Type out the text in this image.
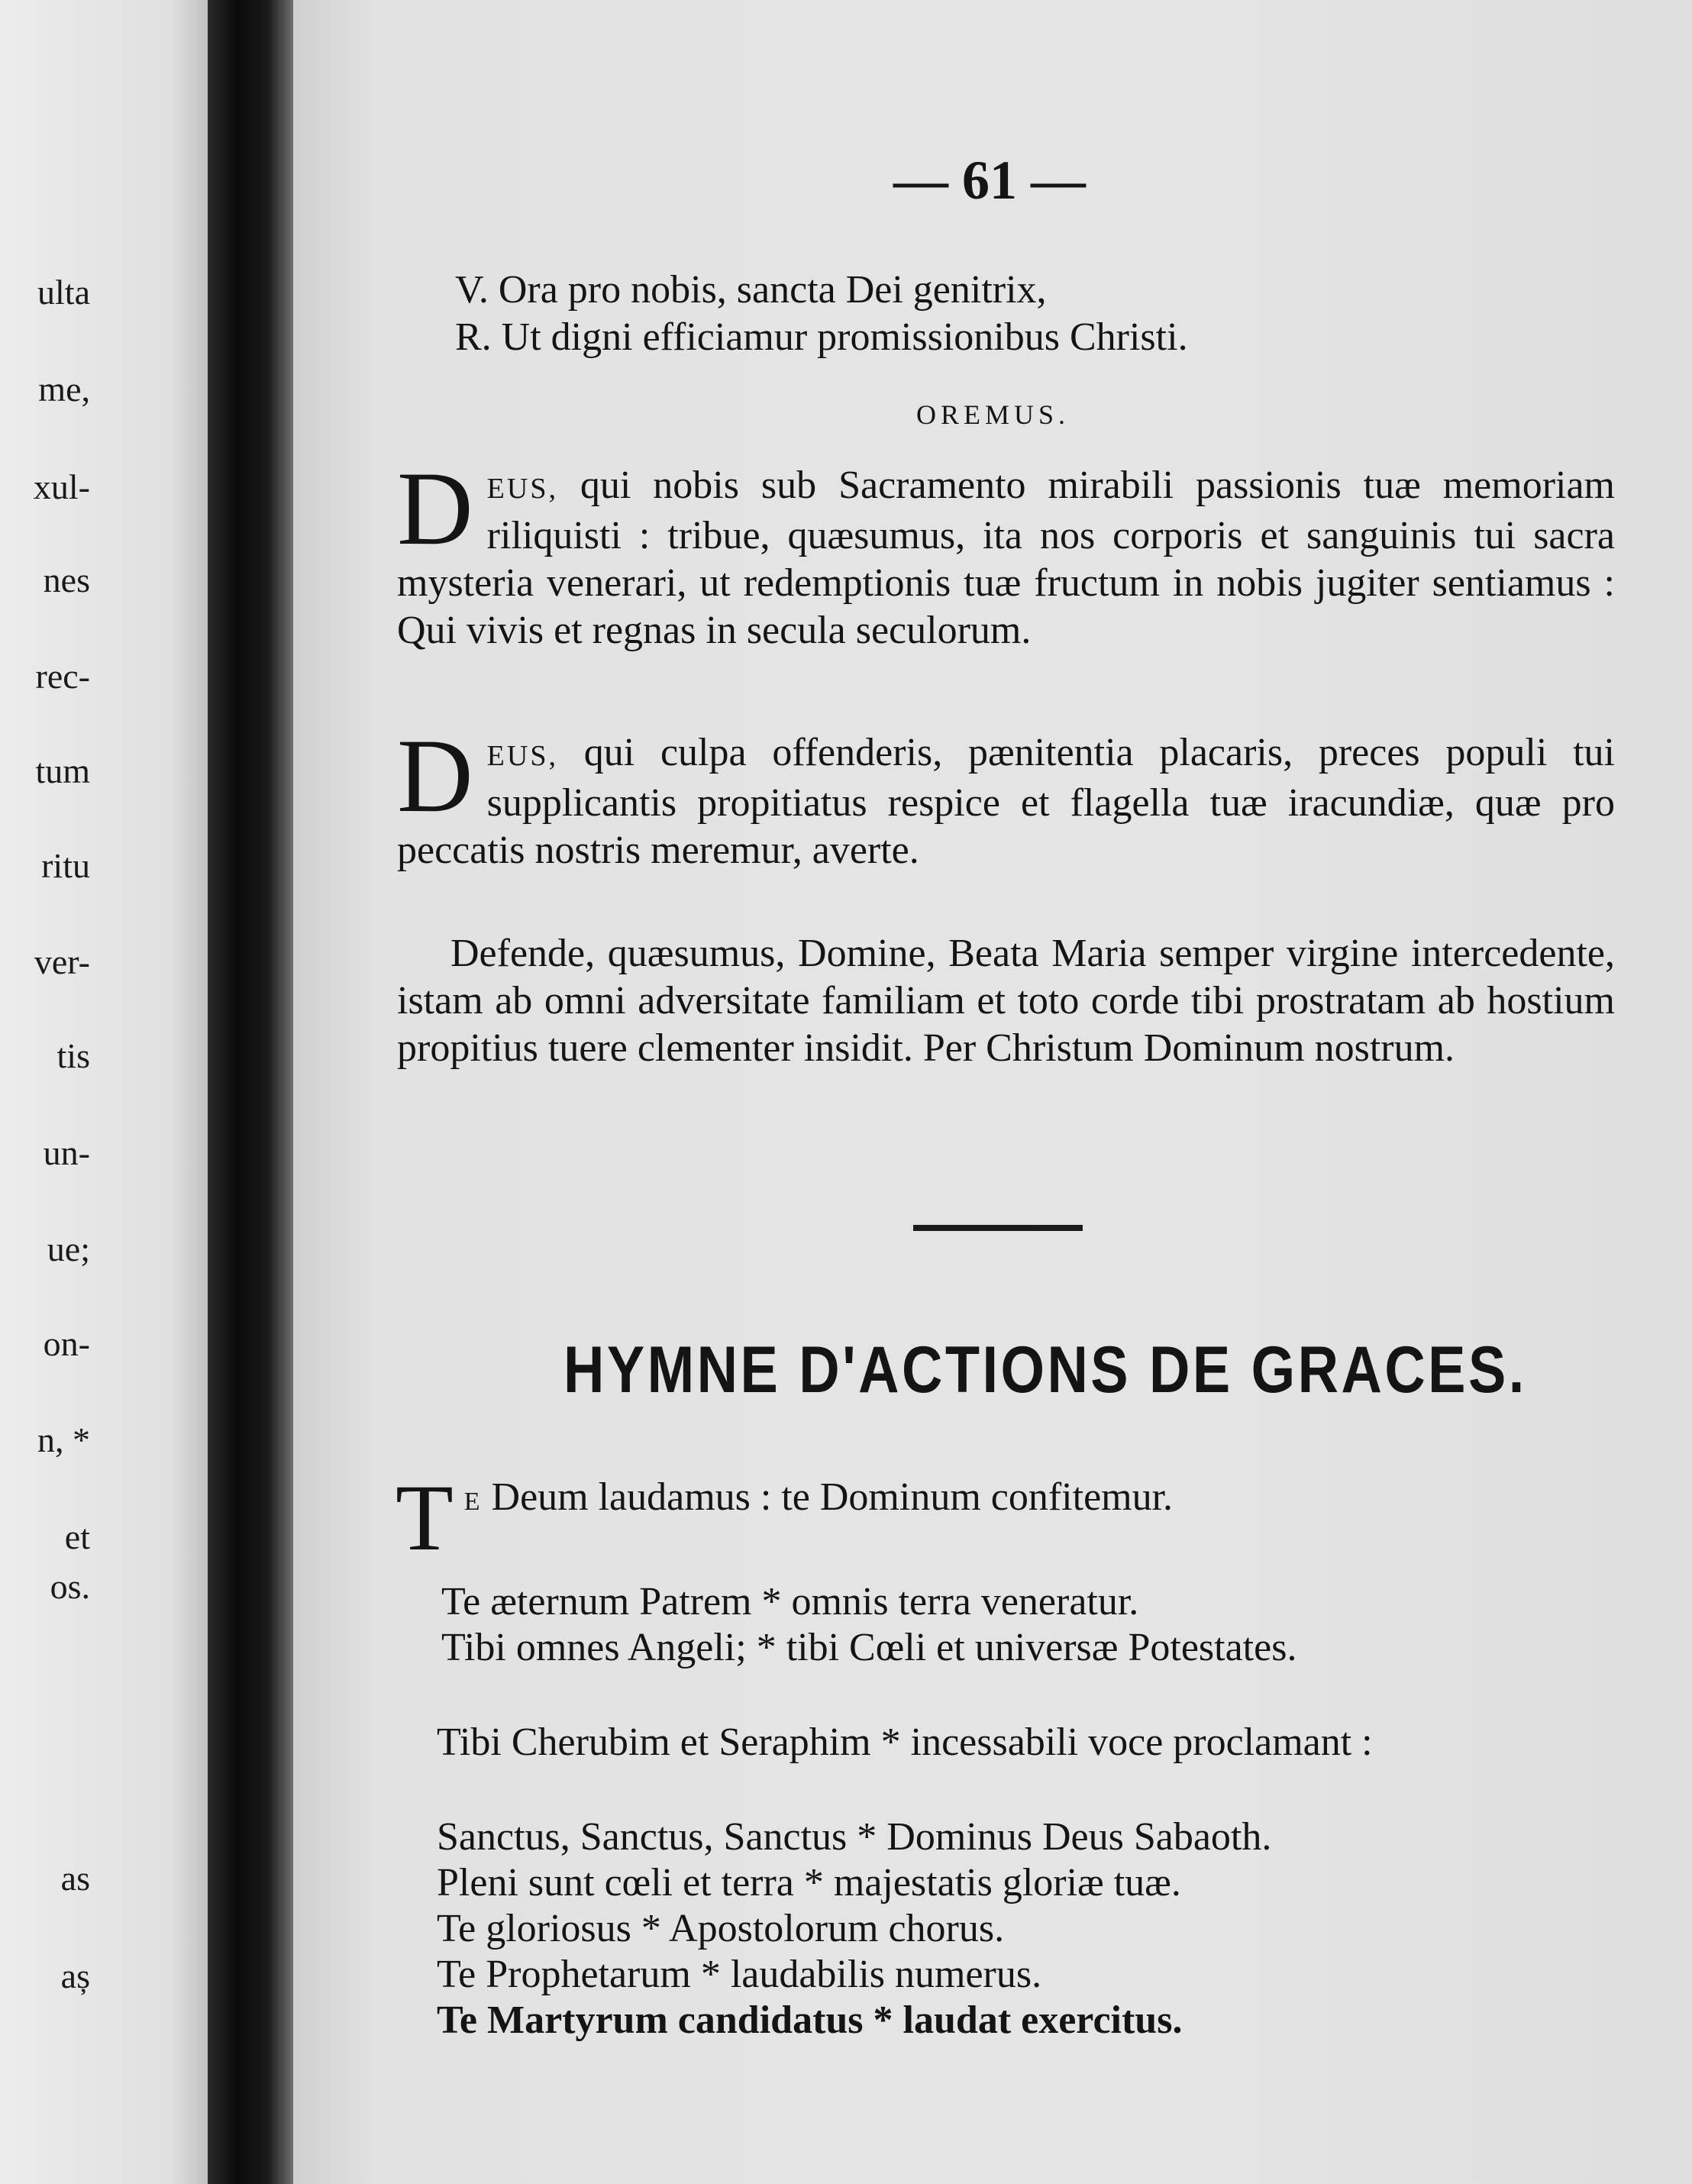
ulta
me,
xul-
nes
rec-
tum
ritu
ver-
tis
un-
ue;
on-
n, *
et
os.
as
aș
— 61 —
V. Ora pro nobis, sancta Dei genitrix,
R. Ut digni efficiamur promissionibus Christi.
OREMUS.
DEUS, qui nobis sub Sacramento mirabili passionis tuæ memoriam riliquisti : tribue, quæsumus, ita nos corporis et sanguinis tui sacra mysteria venerari, ut redemptionis tuæ fructum in nobis jugiter sentiamus : Qui vivis et regnas in secula seculorum.
DEUS, qui culpa offenderis, pænitentia placaris, preces populi tui supplicantis propitiatus respice et flagella tuæ iracundiæ, quæ pro peccatis nostris meremur, averte.
Defende, quæsumus, Domine, Beata Maria semper virgine intercedente, istam ab omni adversitate familiam et toto corde tibi prostratam ab hostium propitius tuere clementer insidit. Per Christum Dominum nostrum.
HYMNE D'ACTIONS DE GRACES.
T E Deum laudamus : te Dominum confitemur.
Te æternum Patrem * omnis terra veneratur.
Tibi omnes Angeli; * tibi Cœli et universæ Potestates.
Tibi Cherubim et Seraphim * incessabili voce proclamant :
Sanctus, Sanctus, Sanctus * Dominus Deus Sabaoth.
Pleni sunt cœli et terra * majestatis gloriæ tuæ.
Te gloriosus * Apostolorum chorus.
Te Prophetarum * laudabilis numerus.
Te Martyrum candidatus * laudat exercitus.
